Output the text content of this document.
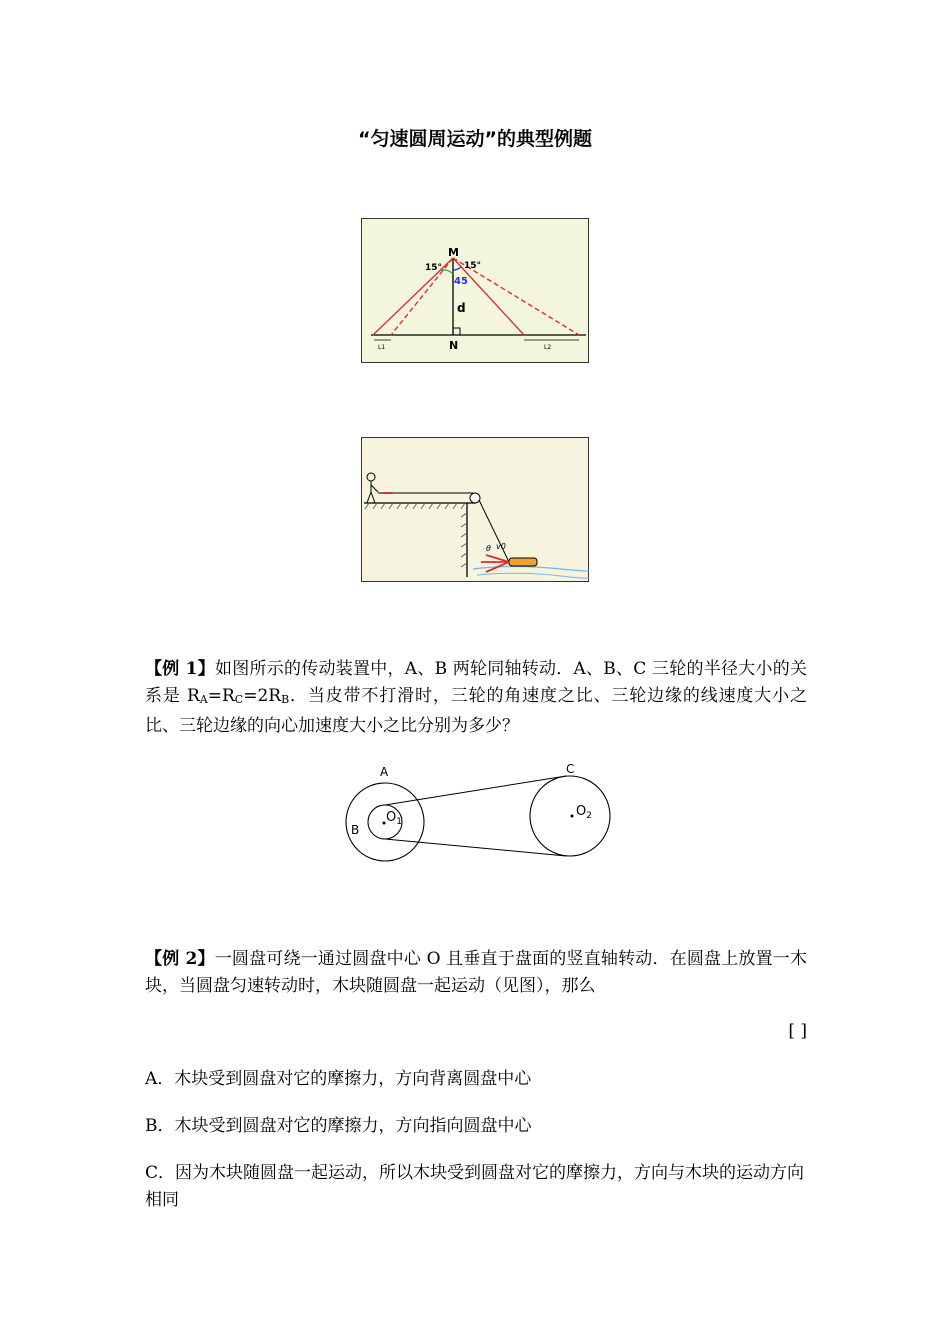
“匀速圆周运动”的典型例题
M
15° 15°
45
d
N
L1	L2
θ v0
【例 1】如图所示的传动装置中，A、B 两轮同轴转动．A、B、C 三轮的半径大小的关系是 $R_A=R_C=2R_B$．当皮带不打滑时，三轮的角速度之比、三轮边缘的线速度大小之比、三轮边缘的向心加速度大小之比分别为多少？
A
B
C
$O_1$
$O_2$
【例 2】一圆盘可绕一通过圆盘中心 O 且垂直于盘面的竖直轴转动．在圆盘上放置一木块，当圆盘匀速转动时，木块随圆盘一起运动（见图），那么
[ ]
A．木块受到圆盘对它的摩擦力，方向背离圆盘中心
B．木块受到圆盘对它的摩擦力，方向指向圆盘中心
C．因为木块随圆盘一起运动，所以木块受到圆盘对它的摩擦力，方向与木块的运动方向相同
